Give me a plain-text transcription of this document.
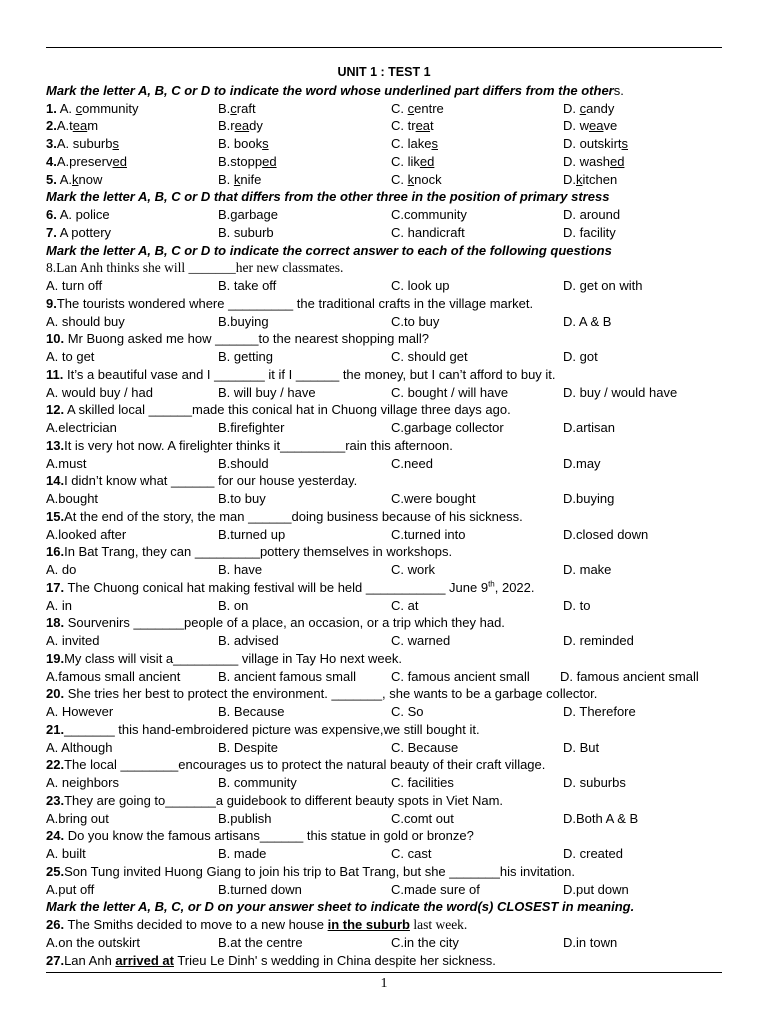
UNIT 1 : TEST 1
Mark the letter A, B, C or D to indicate the word whose underlined part differs from the others.
1. A. community	B.craft	C. centre	D. candy
2.A.team	B.ready	C. treat	D. weave
3.A. suburbs	B. books	C. lakes	D. outskirts
4.A.preserved	B.stopped	C. liked	D. washed
5. A.know	B. knife	C. knock	D.kitchen
Mark the letter A, B, C or D that differs from the other three in the position of primary stress
6. A. police	B.garbage	C.community	D. around
7. A pottery	B. suburb	C. handicraft	D. facility
Mark the letter A, B, C or D to indicate the correct answer to each of the following questions
8.Lan Anh thinks she will _______her new classmates.
A. turn off	B. take off	C. look up	D. get on with
9.The tourists wondered where _________ the traditional crafts in the village market.
A. should buy	B.buying	C.to buy	D. A & B
10. Mr Buong asked me how ______to the nearest shopping mall?
A. to get	B. getting	C. should get	D. got
11. It’s a beautiful vase and I _______ it if I ______ the money, but I can’t afford to buy it.
A. would buy / had	B. will buy / have	C. bought / will have	D. buy / would have
12. A skilled local ______made this conical hat in Chuong village three days ago.
A.electrician	B.firefighter	C.garbage collector	D.artisan
13.It is very hot now. A firelighter thinks it_________rain this afternoon.
A.must	B.should	C.need	D.may
14.I didn’t know what ______ for our house yesterday.
A.bought	B.to buy	C.were bought	D.buying
15.At the end of the story, the man ______doing business because of his sickness.
A.looked after	B.turned up	C.turned into	D.closed down
16.In Bat Trang, they can _________pottery themselves in workshops.
A. do	B. have	C. work	D. make
17. The Chuong conical hat making festival will be held ___________ June 9th, 2022.
A. in	B. on	C. at	D. to
18. Sourvenirs _______people of a place, an occasion, or a trip which they had.
A. invited	B. advised	C. warned	D. reminded
19.My class will visit a_________ village in Tay Ho next week.
A.famous small ancient	B. ancient famous small	C. famous ancient small D. famous ancient small
20. She tries her best to protect the environment. _______, she wants to be a garbage collector.
A. However	B. Because	C. So	D. Therefore
21._______ this hand-embroidered picture was expensive,we still bought it.
A. Although	B. Despite	C. Because	D. But
22.The local ________encourages us to protect the natural beauty of their craft village.
A. neighbors	B. community	C. facilities	D. suburbs
23.They are going to_______a guidebook to different beauty spots in Viet Nam.
A.bring out	B.publish	C.comt out	D.Both A & B
24. Do you know the famous artisans______ this statue in gold or bronze?
A. built	B. made	C. cast	D. created
25.Son Tung invited Huong Giang to join his trip to Bat Trang, but she _______his invitation.
A.put off	B.turned down	C.made sure of	D.put down
Mark the letter A, B, C, or D on your answer sheet to indicate the word(s) CLOSEST in meaning.
26. The Smiths decided to move to a new house in the suburb last week.
A.on the outskirt	B.at the centre	C.in the city	D.in town
27.Lan Anh arrived at Trieu Le Dinh' s wedding in China despite her sickness.
1
